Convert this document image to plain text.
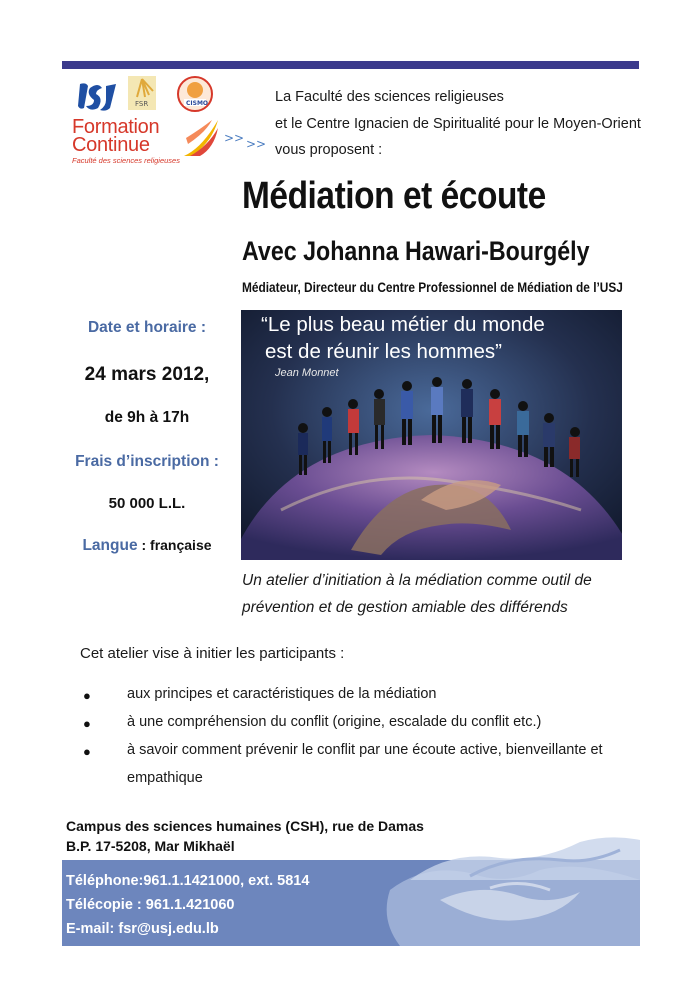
FSR	CISMO
Formation
Continue
Faculté des sciences religieuses
>> >>
La Faculté des sciences religieuses
et le Centre Ignacien de Spiritualité pour le Moyen-Orient
vous proposent :
Médiation et écoute
Avec Johanna Hawari-Bourgély
Médiateur, Directeur du Centre Professionnel de Médiation de l’USJ
Date et horaire :
24 mars 2012,
de 9h à 17h
Frais d’inscription :
50 000 L.L.
Langue : française
“Le plus beau métier du monde
est de réunir les hommes”
Jean Monnet
Un atelier d’initiation à la médiation comme outil de
prévention et de gestion amiable des différends
Cet atelier vise à initier les participants :
● aux principes et caractéristiques de la médiation
● à une compréhension du conflit (origine, escalade du conflit etc.)
● à savoir comment prévenir le conflit par une écoute active, bienveillante et
empathique
Campus des sciences humaines (CSH), rue de Damas
B.P. 17-5208, Mar Mikhaël
Téléphone:961.1.1421000, ext. 5814
Télécopie : 961.1.421060
E-mail: fsr@usj.edu.lb
